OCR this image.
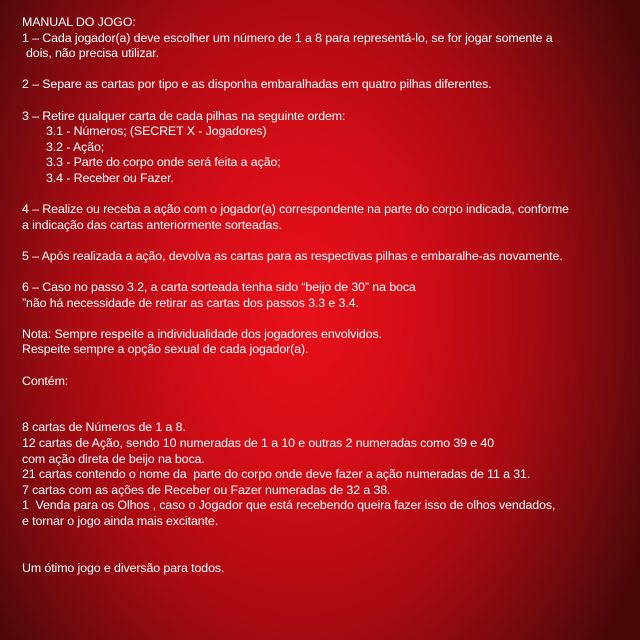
MANUAL DO JOGO:

1 – Cada jogador(a) deve escolher um número de 1 a 8 para representá-lo, se for jogar somente a

dois, não precisa utilizar.

2 – Separe as cartas por tipo e as disponha embaralhadas em quatro pilhas diferentes.

3 – Retire qualquer carta de cada pilhas na seguinte ordem:

3.1 - Números; (SECRET X - Jogadores)

3.2 - Ação;

3.3 - Parte do corpo onde será feita a ação;

3.4 - Receber ou Fazer.

4 – Realize ou receba a ação com o jogador(a) correspondente na parte do corpo indicada, conforme

a indicação das cartas anteriormente sorteadas.

5 – Após realizada a ação, devolva as cartas para as respectivas pilhas e embaralhe-as novamente.

6 – Caso no passo 3.2, a carta sorteada tenha sido “beijo de 30” na boca

”não há necessidade de retirar as cartas dos passos 3.3 e 3.4.

Nota: Sempre respeite a individualidade dos jogadores envolvidos.

Respeite sempre a opção sexual de cada jogador(a).

Contém:

8 cartas de Números de 1 a 8.

12 cartas de Ação, sendo 10 numeradas de 1 a 10 e outras 2 numeradas como 39 e 40

com ação direta de beijo na boca.

21 cartas contendo o nome da  parte do corpo onde deve fazer a ação numeradas de 11 a 31.

7 cartas com as ações de Receber ou Fazer numeradas de 32 a 38.

1  Venda para os Olhos , caso o Jogador que está recebendo queira fazer isso de olhos vendados,

e tornar o jogo ainda mais excitante.

Um ótimo jogo e diversão para todos.
